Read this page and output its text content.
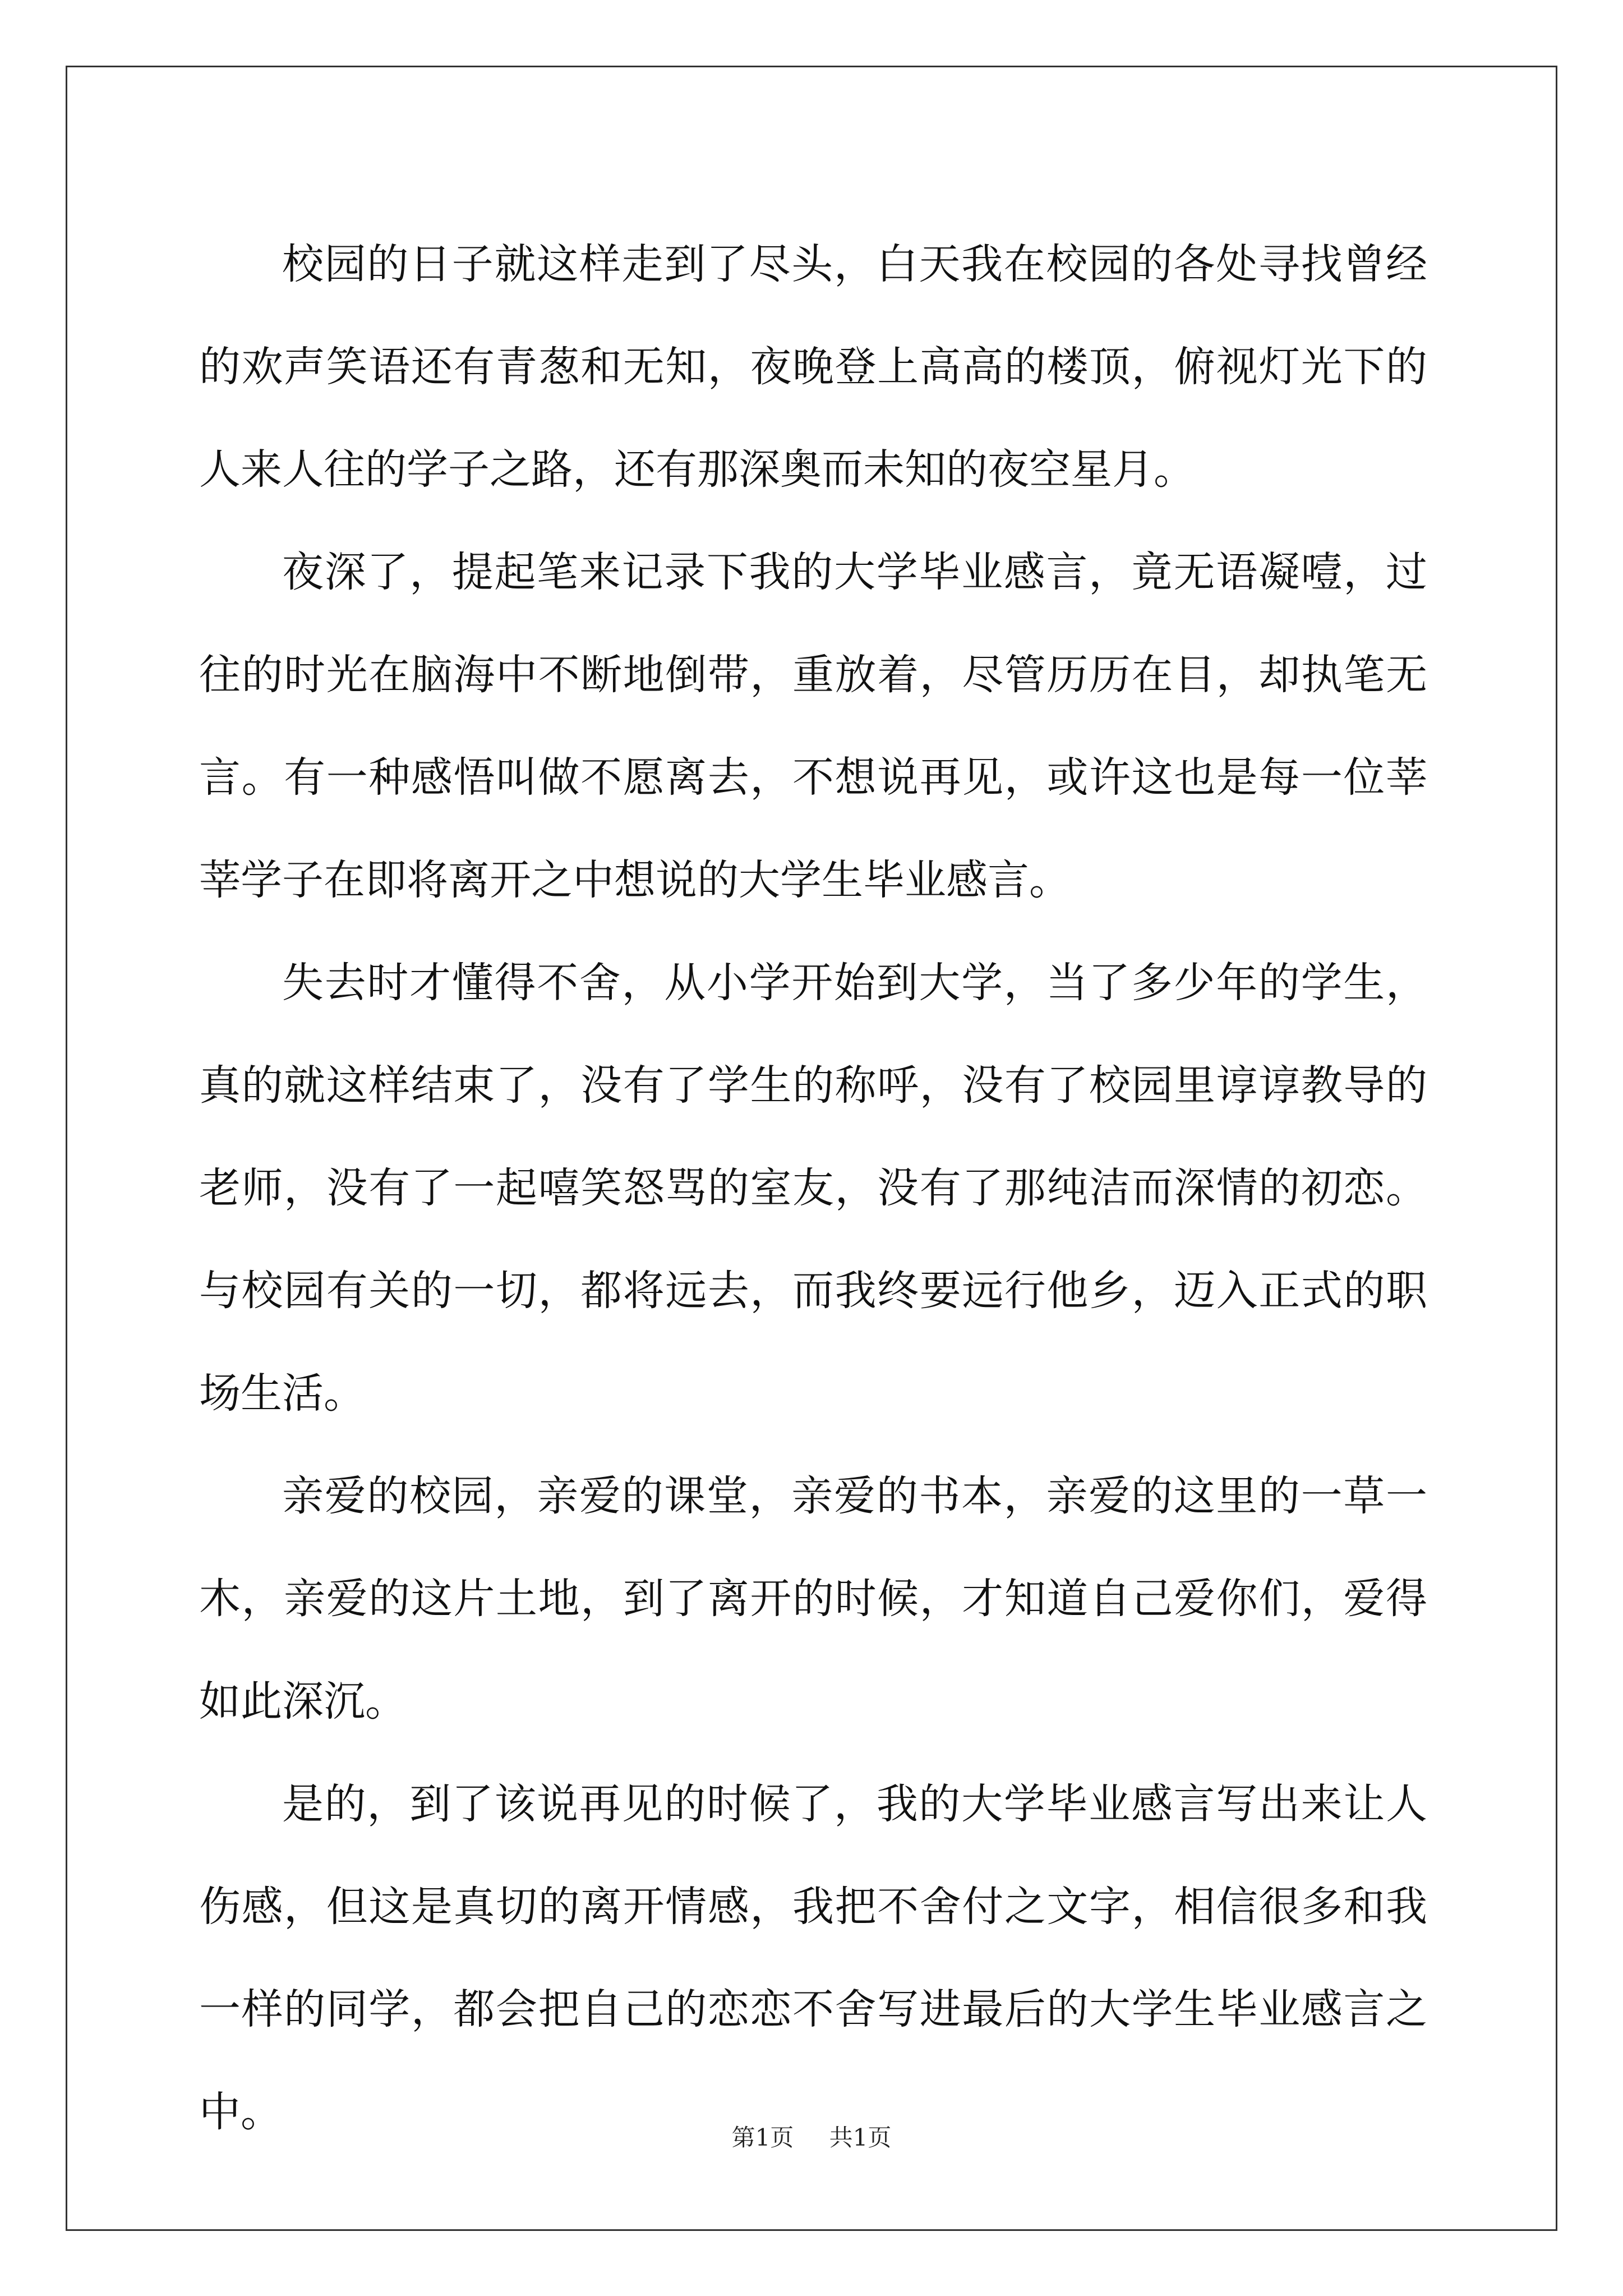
校园的日子就这样走到了尽头，白天我在校园的各处寻找曾经的欢声笑语还有青葱和无知，夜晚登上高高的楼顶，俯视灯光下的人来人往的学子之路，还有那深奥而未知的夜空星月。

夜深了，提起笔来记录下我的大学毕业感言，竟无语凝噎，过往的时光在脑海中不断地倒带，重放着，尽管历历在目，却执笔无言。有一种感悟叫做不愿离去，不想说再见，或许这也是每一位莘莘学子在即将离开之中想说的大学生毕业感言。

失去时才懂得不舍，从小学开始到大学，当了多少年的学生，真的就这样结束了，没有了学生的称呼，没有了校园里谆谆教导的老师，没有了一起嘻笑怒骂的室友，没有了那纯洁而深情的初恋。与校园有关的一切，都将远去，而我终要远行他乡，迈入正式的职场生活。

亲爱的校园，亲爱的课堂，亲爱的书本，亲爱的这里的一草一木，亲爱的这片土地，到了离开的时候，才知道自己爱你们，爱得如此深沉。

是的，到了该说再见的时候了，我的大学毕业感言写出来让人伤感，但这是真切的离开情感，我把不舍付之文字，相信很多和我一样的同学，都会把自己的恋恋不舍写进最后的大学生毕业感言之中。

第1页 共1页
